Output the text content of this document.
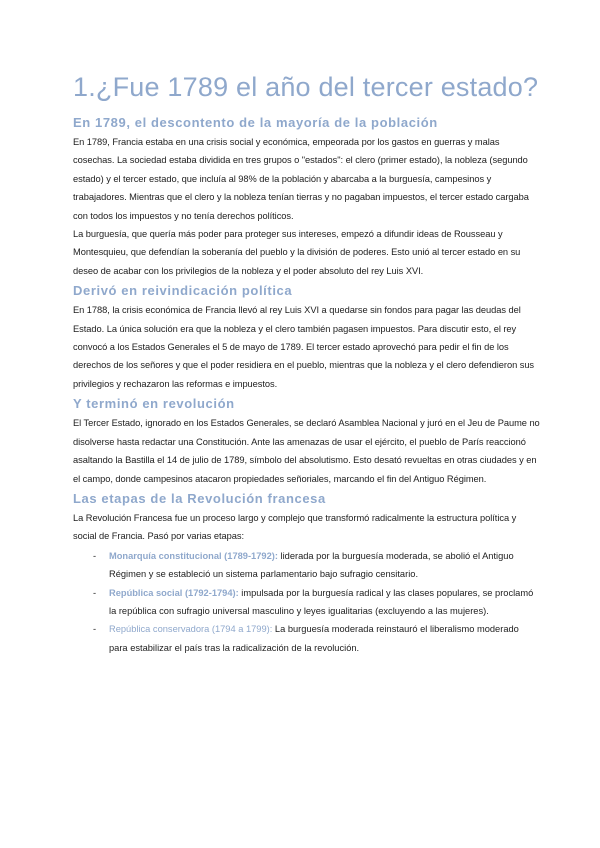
1.¿Fue 1789 el año del tercer estado?
En 1789, el descontento de la mayoría de la población

En 1789, Francia estaba en una crisis social y económica, empeorada por los gastos en guerras y malas cosechas. La sociedad estaba dividida en tres grupos o "estados": el clero (primer estado), la nobleza (segundo estado) y el tercer estado, que incluía al 98% de la población y abarcaba a la burguesía, campesinos y trabajadores. Mientras que el clero y la nobleza tenían tierras y no pagaban impuestos, el tercer estado cargaba con todos los impuestos y no tenía derechos políticos.

La burguesía, que quería más poder para proteger sus intereses, empezó a difundir ideas de Rousseau y Montesquieu, que defendían la soberanía del pueblo y la división de poderes. Esto unió al tercer estado en su deseo de acabar con los privilegios de la nobleza y el poder absoluto del rey Luis XVI.

Derivó en reivindicación política

En 1788, la crisis económica de Francia llevó al rey Luis XVI a quedarse sin fondos para pagar las deudas del Estado. La única solución era que la nobleza y el clero también pagasen impuestos. Para discutir esto, el rey convocó a los Estados Generales el 5 de mayo de 1789. El tercer estado aprovechó para pedir el fin de los derechos de los señores y que el poder residiera en el pueblo, mientras que la nobleza y el clero defendieron sus privilegios y rechazaron las reformas e impuestos.

Y terminó en revolución

El Tercer Estado, ignorado en los Estados Generales, se declaró Asamblea Nacional y juró en el Jeu de Paume no disolverse hasta redactar una Constitución. Ante las amenazas de usar el ejército, el pueblo de París reaccionó asaltando la Bastilla el 14 de julio de 1789, símbolo del absolutismo. Esto desató revueltas en otras ciudades y en el campo, donde campesinos atacaron propiedades señoriales, marcando el fin del Antiguo Régimen.

Las etapas de la Revolución francesa

La Revolución Francesa fue un proceso largo y complejo que transformó radicalmente la estructura política y social de Francia. Pasó por varias etapas:

- Monarquía constitucional (1789-1792): liderada por la burguesía moderada, se abolió el Antiguo Régimen y se estableció un sistema parlamentario bajo sufragio censitario.
- República social (1792-1794): impulsada por la burguesía radical y las clases populares, se proclamó la república con sufragio universal masculino y leyes igualitarias (excluyendo a las mujeres).
- República conservadora (1794 a 1799): La burguesía moderada reinstauró el liberalismo moderado para estabilizar el país tras la radicalización de la revolución.
